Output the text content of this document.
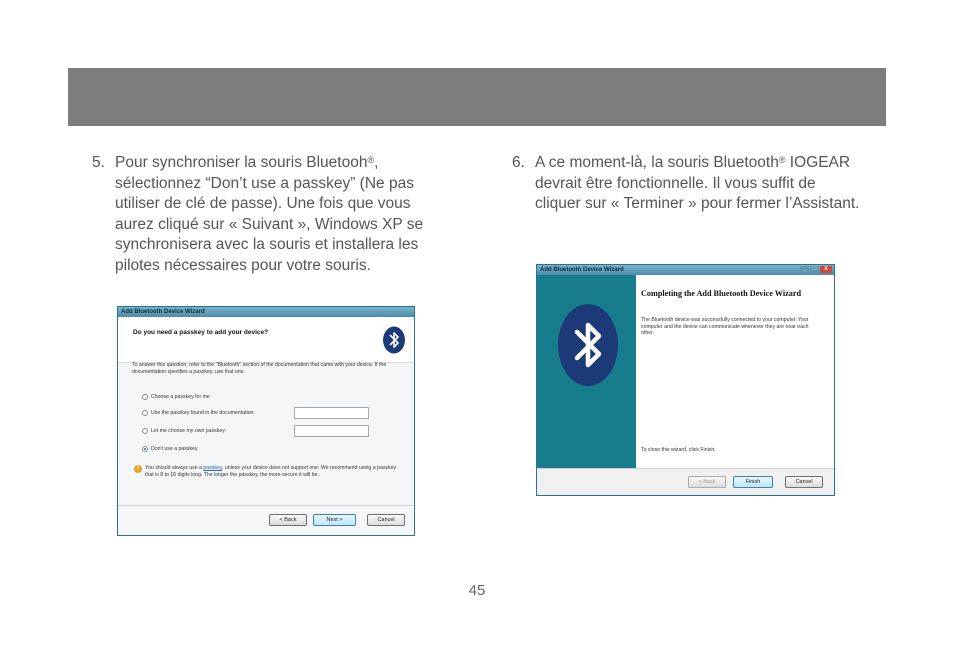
5. Pour synchroniser la souris Bluetooh®, sélectionnez “Don’t use a passkey” (Ne pas utiliser de clé de passe). Une fois que vous aurez cliqué sur « Suivant », Windows XP se synchronisera avec la souris et installera les pilotes nécessaires pour votre souris.
6. A ce moment-là, la souris Bluetooth® IOGEAR devrait être fonctionnelle. Il vous suffit de cliquer sur « Terminer » pour fermer l’Assistant.
Add Bluetooth Device Wizard
Do you need a passkey to add your device?
To answer this question, refer to the "Bluetooth" section of the documentation that came with your device. If the documentation specifies a passkey, use that one.
Choose a passkey for me
Use the passkey found in the documentation:
Let me choose my own passkey:
Don't use a passkey
!	You should always use a passkey, unless your device does not support one. We recommend using a passkey that is 8 to 16 digits long. The longer the passkey, the more secure it will be.
< Back	Next >	Cancel
Add Bluetooth Device Wizard	_	□	x
Completing the Add Bluetooth Device Wizard
The Bluetooth device was successfully connected to your computer. Your computer and the device can communicate whenever they are near each other.
To close this wizard, click Finish.
< Back	Finish	Cancel
45
